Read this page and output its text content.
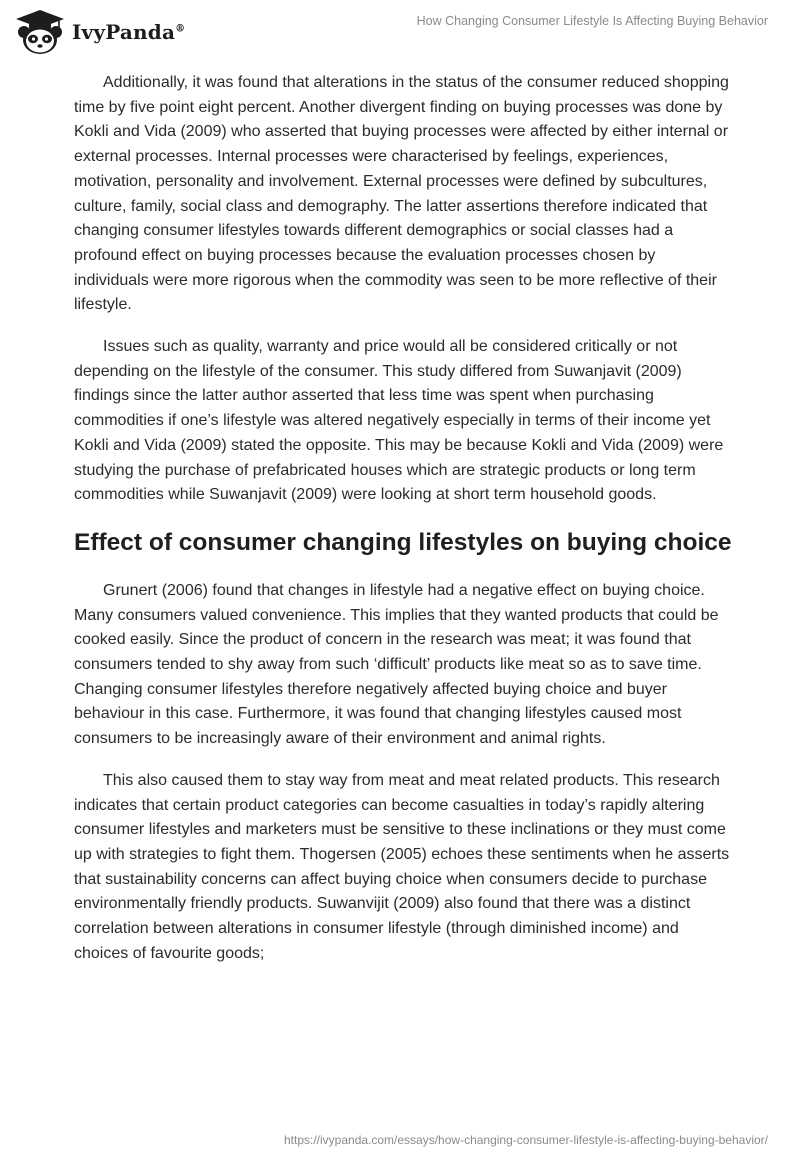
IvyPanda®
How Changing Consumer Lifestyle Is Affecting Buying Behavior

Additionally, it was found that alterations in the status of the consumer reduced shopping time by five point eight percent. Another divergent finding on buying processes was done by Kokli and Vida (2009) who asserted that buying processes were affected by either internal or external processes. Internal processes were characterised by feelings, experiences, motivation, personality and involvement. External processes were defined by subcultures, culture, family, social class and demography. The latter assertions therefore indicated that changing consumer lifestyles towards different demographics or social classes had a profound effect on buying processes because the evaluation processes chosen by individuals were more rigorous when the commodity was seen to be more reflective of their lifestyle.

Issues such as quality, warranty and price would all be considered critically or not depending on the lifestyle of the consumer. This study differed from Suwanjavit (2009) findings since the latter author asserted that less time was spent when purchasing commodities if one’s lifestyle was altered negatively especially in terms of their income yet Kokli and Vida (2009) stated the opposite. This may be because Kokli and Vida (2009) were studying the purchase of prefabricated houses which are strategic products or long term commodities while Suwanjavit (2009) were looking at short term household goods.

Effect of consumer changing lifestyles on buying choice

Grunert (2006) found that changes in lifestyle had a negative effect on buying choice. Many consumers valued convenience. This implies that they wanted products that could be cooked easily. Since the product of concern in the research was meat; it was found that consumers tended to shy away from such ‘difficult’ products like meat so as to save time. Changing consumer lifestyles therefore negatively affected buying choice and buyer behaviour in this case. Furthermore, it was found that changing lifestyles caused most consumers to be increasingly aware of their environment and animal rights.

This also caused them to stay way from meat and meat related products. This research indicates that certain product categories can become casualties in today’s rapidly altering consumer lifestyles and marketers must be sensitive to these inclinations or they must come up with strategies to fight them. Thogersen (2005) echoes these sentiments when he asserts that sustainability concerns can affect buying choice when consumers decide to purchase environmentally friendly products. Suwanvijit (2009) also found that there was a distinct correlation between alterations in consumer lifestyle (through diminished income) and choices of favourite goods;

https://ivypanda.com/essays/how-changing-consumer-lifestyle-is-affecting-buying-behavior/
